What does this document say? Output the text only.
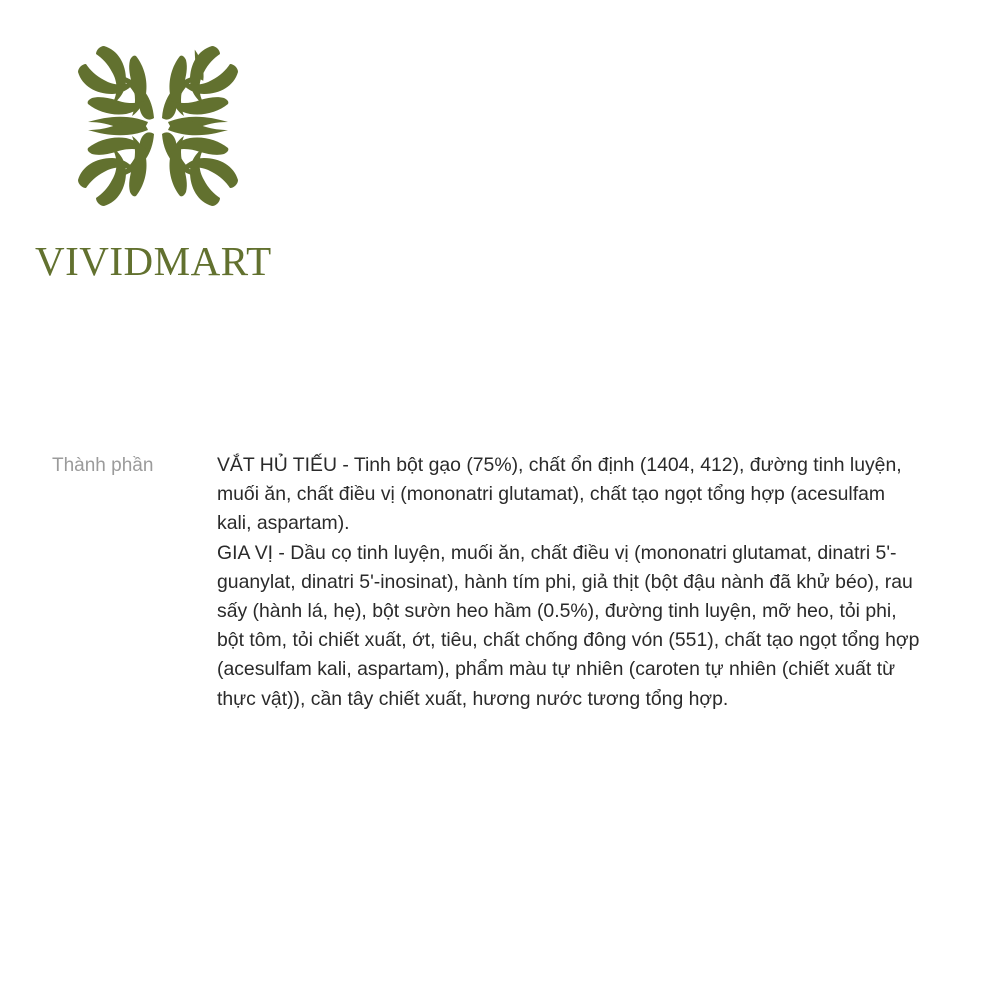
VIVIDMART
Thành phần	VẮT HỦ TIẾU - Tinh bột gạo (75%), chất ổn định (1404, 412), đường tinh luyện, muối ăn, chất điều vị (mononatri glutamat), chất tạo ngọt tổng hợp (acesulfam kali, aspartam).

GIA VỊ - Dầu cọ tinh luyện, muối ăn, chất điều vị (mononatri glutamat, dinatri 5'-guanylat, dinatri 5'-inosinat), hành tím phi, giả thịt (bột đậu nành đã khử béo), rau sấy (hành lá, hẹ), bột sườn heo hầm (0.5%), đường tinh luyện, mỡ heo, tỏi phi, bột tôm, tỏi chiết xuất, ớt, tiêu, chất chống đông vón (551), chất tạo ngọt tổng hợp (acesulfam kali, aspartam), phẩm màu tự nhiên (caroten tự nhiên (chiết xuất từ thực vật)), cần tây chiết xuất, hương nước tương tổng hợp.
